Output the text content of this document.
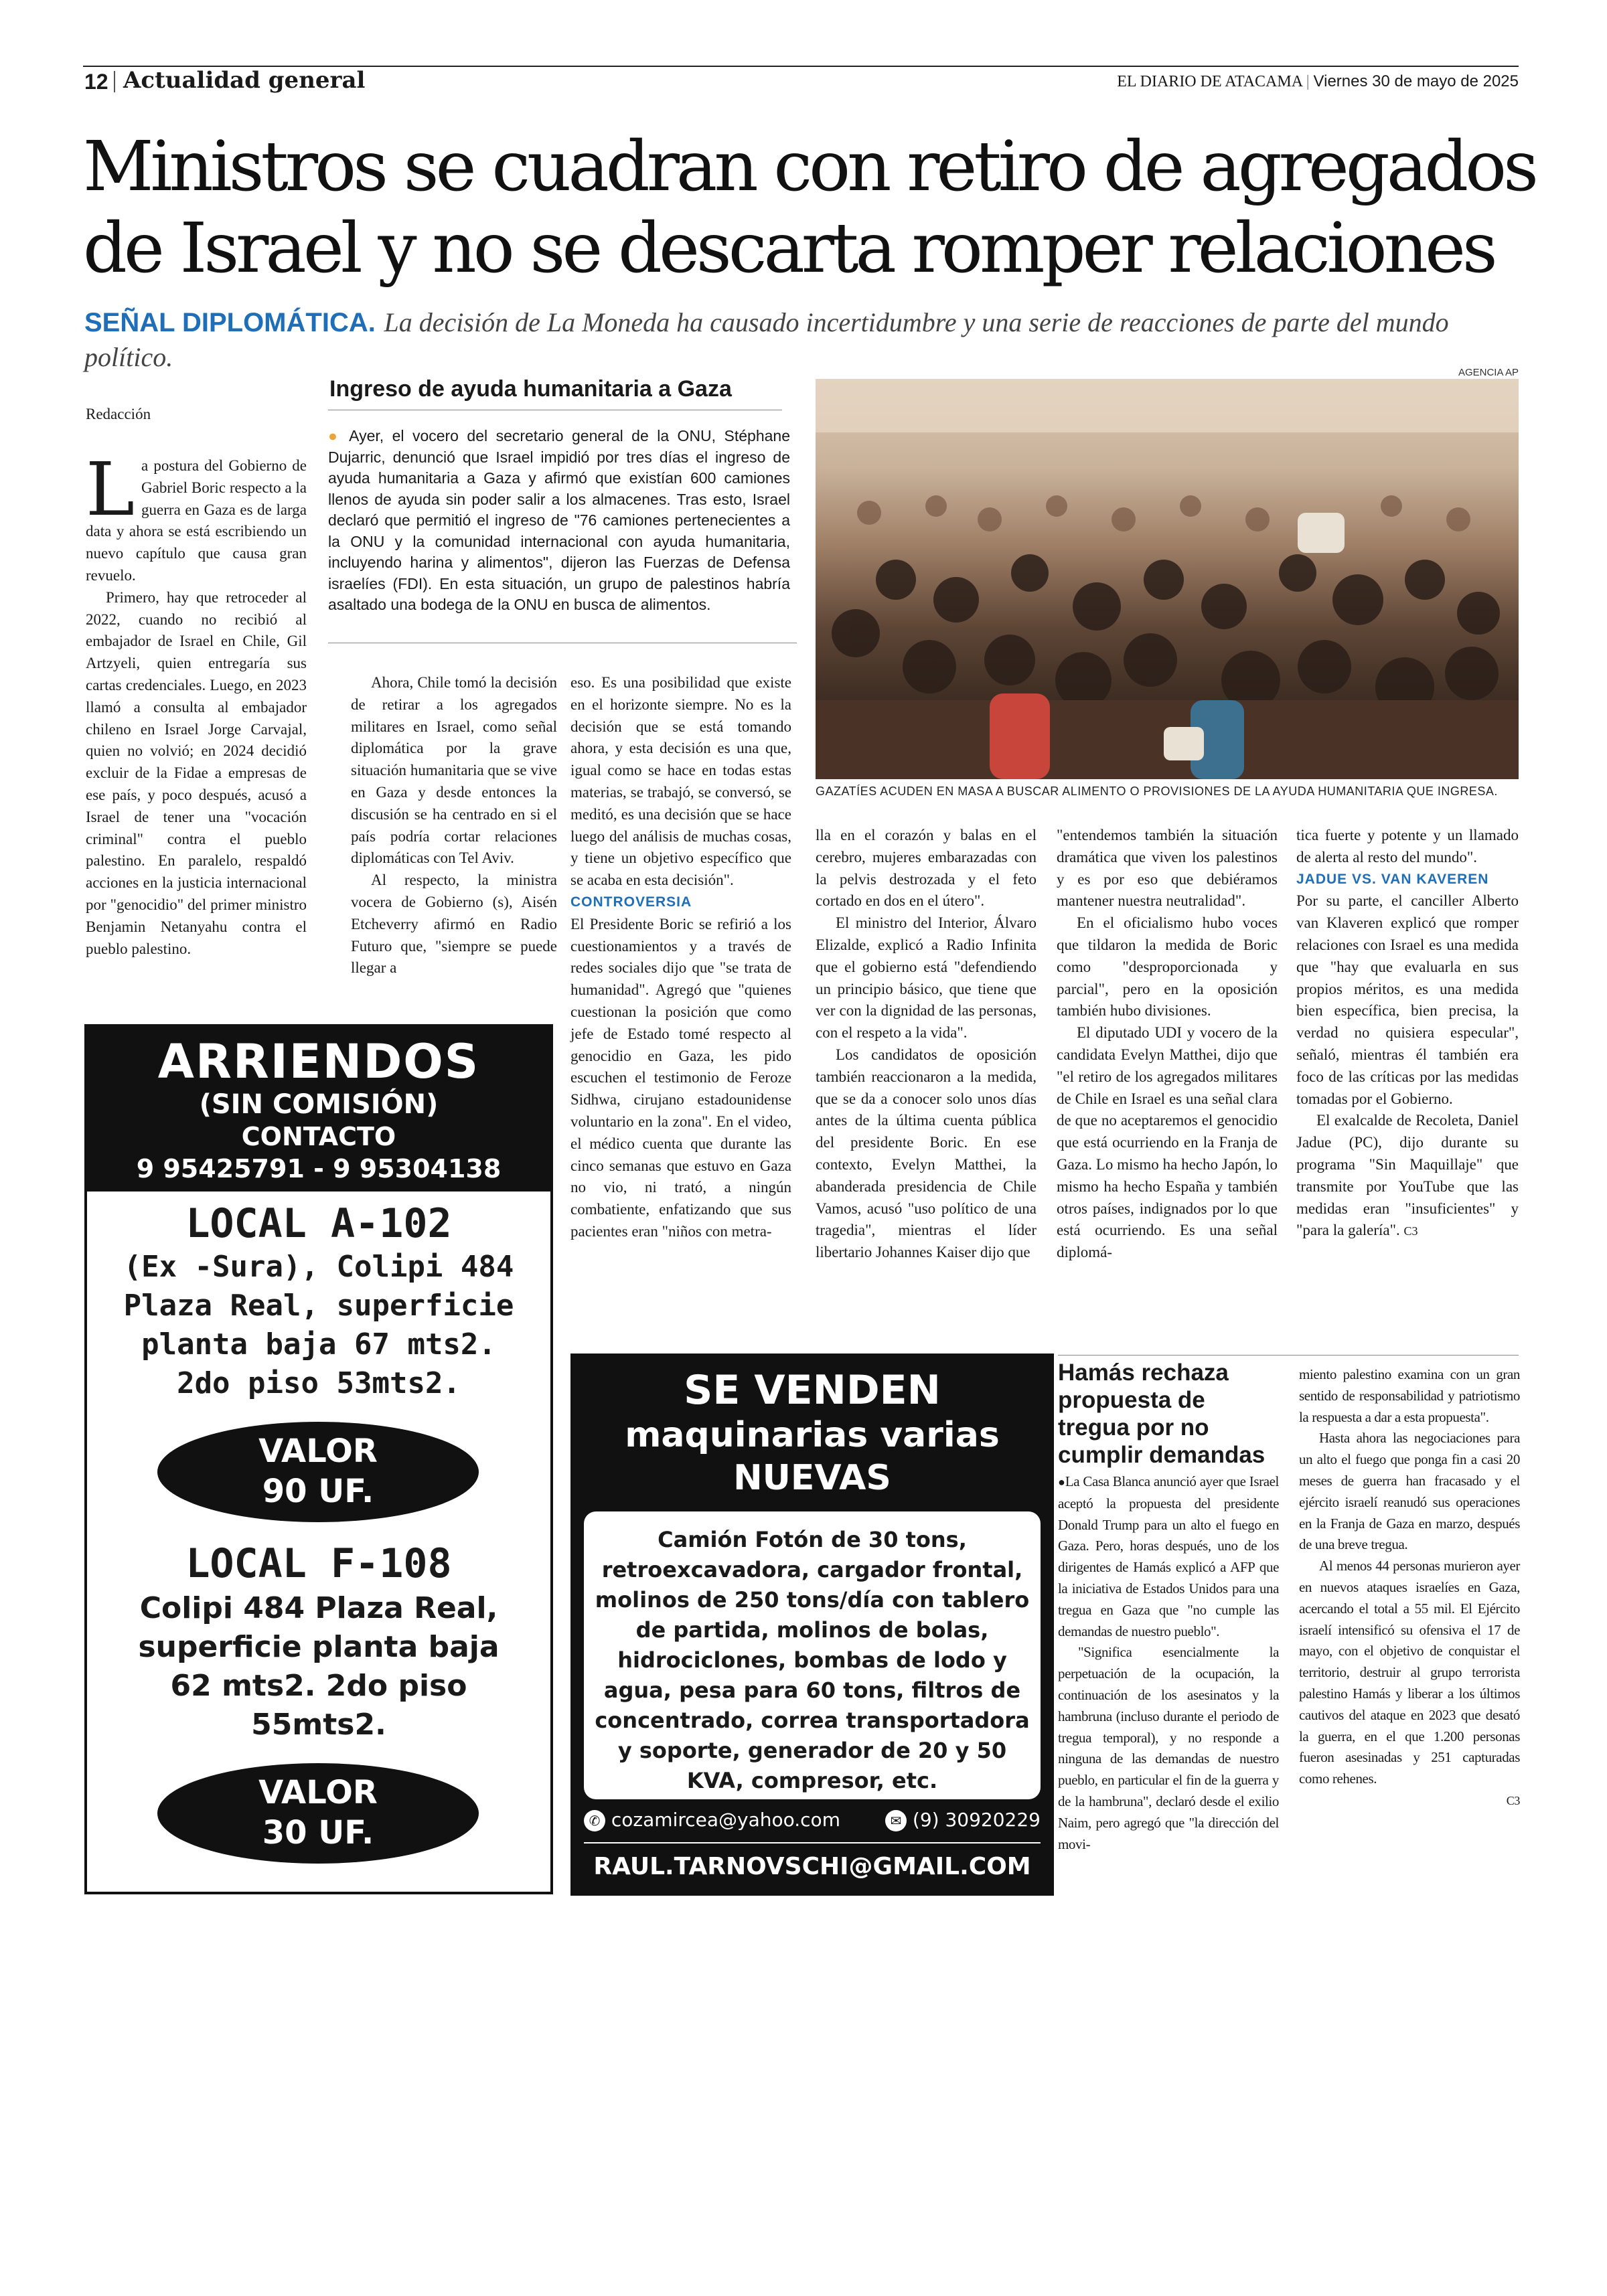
12 Actualidad general	EL DIARIO DE ATACAMA | Viernes 30 de mayo de 2025
Ministros se cuadran con retiro de agregados de Israel y no se descarta romper relaciones
SEÑAL DIPLOMÁTICA. La decisión de La Moneda ha causado incertidumbre y una serie de reacciones de parte del mundo político.
Redacción

L a postura del Gobierno de Gabriel Boric respecto a la guerra en Gaza es de larga data y ahora se está escribiendo un nuevo capítulo que causa gran revuelo.

Primero, hay que retroceder al 2022, cuando no recibió al embajador de Israel en Chile, Gil Artzyeli, quien entregaría sus cartas credenciales. Luego, en 2023 llamó a consulta al embajador chileno en Israel Jorge Carvajal, quien no volvió; en 2024 decidió excluir de la Fidae a empresas de ese país, y poco después, acusó a Israel de tener una "vocación criminal" contra el pueblo palestino. En paralelo, respaldó acciones en la justicia internacional por "genocidio" del primer ministro Benjamin Netanyahu contra el pueblo palestino.

Ingreso de ayuda humanitaria a Gaza
● Ayer, el vocero del secretario general de la ONU, Stéphane Dujarric, denunció que Israel impidió por tres días el ingreso de ayuda humanitaria a Gaza y afirmó que existían 600 camiones llenos de ayuda sin poder salir a los almacenes. Tras esto, Israel declaró que permitió el ingreso de "76 camiones pertenecientes a la ONU y la comunidad internacional con ayuda humanitaria, incluyendo harina y alimentos", dijeron las Fuerzas de Defensa israelíes (FDI). En esta situación, un grupo de palestinos habría asaltado una bodega de la ONU en busca de alimentos.
AGENCIA AP
GAZATÍES ACUDEN EN MASA A BUSCAR ALIMENTO O PROVISIONES DE LA AYUDA HUMANITARIA QUE INGRESA.

Ahora, Chile tomó la decisión de retirar a los agregados militares en Israel, como señal diplomática por la grave situación humanitaria que se vive en Gaza y desde entonces la discusión se ha centrado en si el país podría cortar relaciones diplomáticas con Tel Aviv.

Al respecto, la ministra vocera de Gobierno (s), Aisén Etcheverry afirmó en Radio Futuro que, "siempre se puede llegar a

eso. Es una posibilidad que existe en el horizonte siempre. No es la decisión que se está tomando ahora, y esta decisión es una que, igual como se hace en todas estas materias, se trabajó, se conversó, se meditó, es una decisión que se hace luego del análisis de muchas cosas, y tiene un objetivo específico que se acaba en esta decisión".

CONTROVERSIA

El Presidente Boric se refirió a los cuestionamientos y a través de redes sociales dijo que "se trata de humanidad". Agregó que "quienes cuestionan la posición que como jefe de Estado tomé respecto al genocidio en Gaza, les pido escuchen el testimonio de Feroze Sidhwa, cirujano estadounidense voluntario en la zona". En el video, el médico cuenta que durante las cinco semanas que estuvo en Gaza no vio, ni trató, a ningún combatiente, enfatizando que sus pacientes eran "niños con metra-

lla en el corazón y balas en el cerebro, mujeres embarazadas con la pelvis destrozada y el feto cortado en dos en el útero".

El ministro del Interior, Álvaro Elizalde, explicó a Radio Infinita que el gobierno está "defendiendo un principio básico, que tiene que ver con la dignidad de las personas, con el respeto a la vida".

Los candidatos de oposición también reaccionaron a la medida, que se da a conocer solo unos días antes de la última cuenta pública del presidente Boric. En ese contexto, Evelyn Matthei, la abanderada presidencia de Chile Vamos, acusó "uso político de una tragedia", mientras el líder libertario Johannes Kaiser dijo que

"entendemos también la situación dramática que viven los palestinos y es por eso que debiéramos mantener nuestra neutralidad".

En el oficialismo hubo voces que tildaron la medida de Boric como "desproporcionada y parcial", pero en la oposición también hubo divisiones.

El diputado UDI y vocero de la candidata Evelyn Matthei, dijo que "el retiro de los agregados militares de Chile en Israel es una señal clara de que no aceptaremos el genocidio que está ocurriendo en la Franja de Gaza. Lo mismo ha hecho Japón, lo mismo ha hecho España y también otros países, indignados por lo que está ocurriendo. Es una señal diplomá-

tica fuerte y potente y un llamado de alerta al resto del mundo".

JADUE VS. VAN KAVEREN

Por su parte, el canciller Alberto van Klaveren explicó que romper relaciones con Israel es una medida que "hay que evaluarla en sus propios méritos, es una medida bien específica, bien precisa, la verdad no quisiera especular", señaló, mientras él también era foco de las críticas por las medidas tomadas por el Gobierno.

El exalcalde de Recoleta, Daniel Jadue (PC), dijo durante su programa "Sin Maquillaje" que transmite por YouTube que las medidas eran "insuficientes" y "para la galería". C3

ARRIENDOS
(SIN COMISIÓN)
CONTACTO
9 95425791 - 9 95304138
LOCAL A-102
(Ex -Sura), Colipi 484 Plaza Real, superficie planta baja 67 mts2. 2do piso 53mts2.
VALOR 90 UF.
LOCAL F-108
Colipi 484 Plaza Real, superficie planta baja 62 mts2. 2do piso 55mts2.
VALOR 30 UF.
SE VENDEN
maquinarias varias
NUEVAS
Camión Fotón de 30 tons, retroexcavadora, cargador frontal, molinos de 250 tons/día con tablero de partida, molinos de bolas, hidrociclones, bombas de lodo y agua, pesa para 60 tons, filtros de concentrado, correa transportadora y soporte, generador de 20 y 50 KVA, compresor, etc.
✆ cozamircea@yahoo.com	✉ (9) 30920229
RAUL.TARNOVSCHI@GMAIL.COM
Hamás rechaza propuesta de tregua por no cumplir demandas

●La Casa Blanca anunció ayer que Israel aceptó la propuesta del presidente Donald Trump para un alto el fuego en Gaza. Pero, horas después, uno de los dirigentes de Hamás explicó a AFP que la iniciativa de Estados Unidos para una tregua en Gaza que "no cumple las demandas de nuestro pueblo".

"Significa esencialmente la perpetuación de la ocupación, la continuación de los asesinatos y la hambruna (incluso durante el periodo de tregua temporal), y no responde a ninguna de las demandas de nuestro pueblo, en particular el fin de la guerra y de la hambruna", declaró desde el exilio Naim, pero agregó que "la dirección del movi-

miento palestino examina con un gran sentido de responsabilidad y patriotismo la respuesta a dar a esta propuesta".

Hasta ahora las negociaciones para un alto el fuego que ponga fin a casi 20 meses de guerra han fracasado y el ejército israelí reanudó sus operaciones en la Franja de Gaza en marzo, después de una breve tregua.

Al menos 44 personas murieron ayer en nuevos ataques israelíes en Gaza, acercando el total a 55 mil. El Ejército israelí intensificó su ofensiva el 17 de mayo, con el objetivo de conquistar el territorio, destruir al grupo terrorista palestino Hamás y liberar a los últimos cautivos del ataque en 2023 que desató la guerra, en el que 1.200 personas fueron asesinadas y 251 capturadas como rehenes.

C3
